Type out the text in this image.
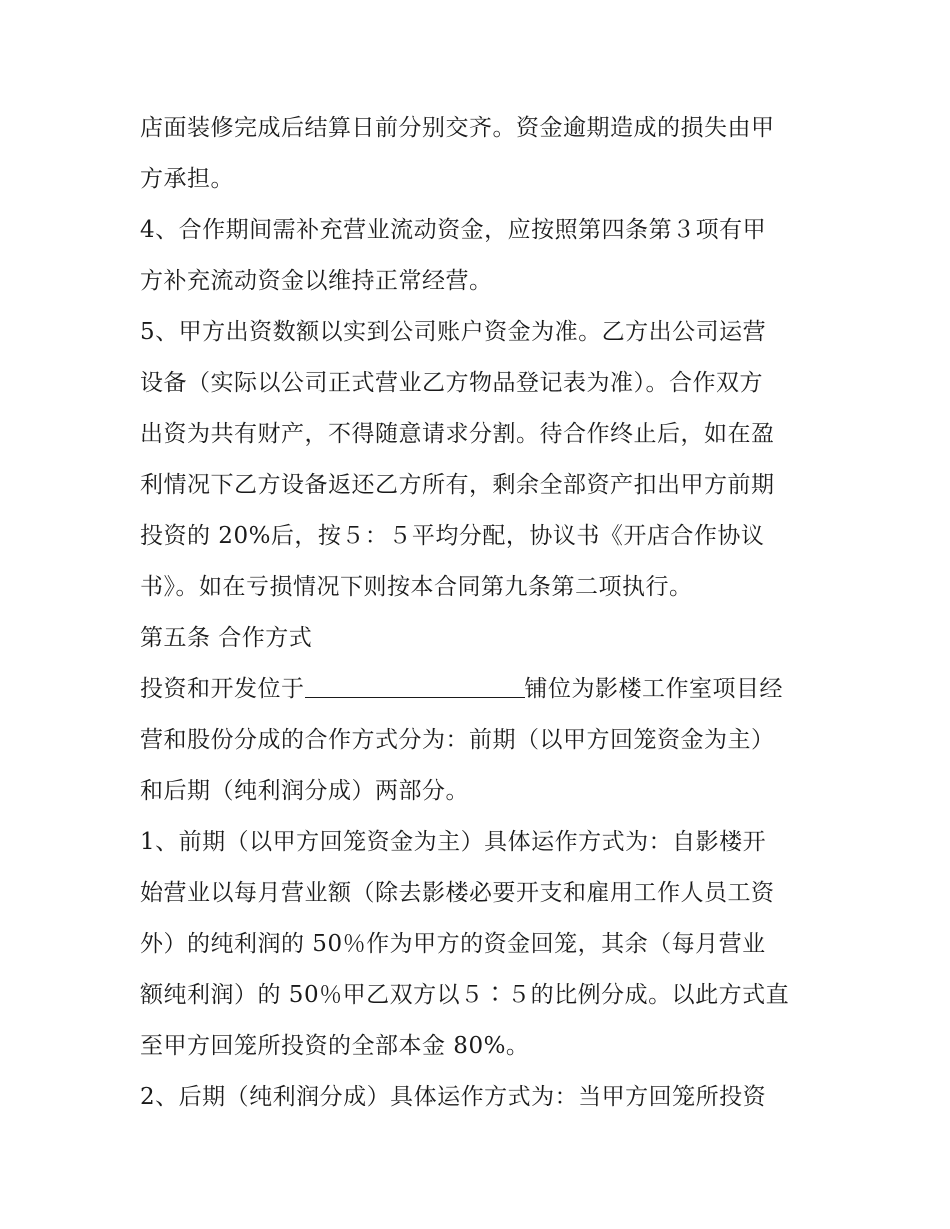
店面装修完成后结算日前分别交齐。资金逾期造成的损失由甲
方承担。
4、合作期间需补充营业流动资金，应按照第四条第３项有甲
方补充流动资金以维持正常经营。
5、甲方出资数额以实到公司账户资金为准。乙方出公司运营
设备（实际以公司正式营业乙方物品登记表为准）。合作双方
出资为共有财产，不得随意请求分割。待合作终止后，如在盈
利情况下乙方设备返还乙方所有，剩余全部资产扣出甲方前期
投资的 20%后，按５：５平均分配，协议书《开店合作协议
书》。如在亏损情况下则按本合同第九条第二项执行。
第五条 合作方式
投资和开发位于	铺位为影楼工作室项目经
营和股份分成的合作方式分为：前期（以甲方回笼资金为主）
和后期（纯利润分成）两部分。
1、前期（以甲方回笼资金为主）具体运作方式为：自影楼开
始营业以每月营业额（除去影楼必要开支和雇用工作人员工资
外）的纯利润的 50％作为甲方的资金回笼，其余（每月营业
额纯利润）的 50％甲乙双方以５∶５的比例分成。以此方式直
至甲方回笼所投资的全部本金 80%。
2、后期（纯利润分成）具体运作方式为：当甲方回笼所投资
